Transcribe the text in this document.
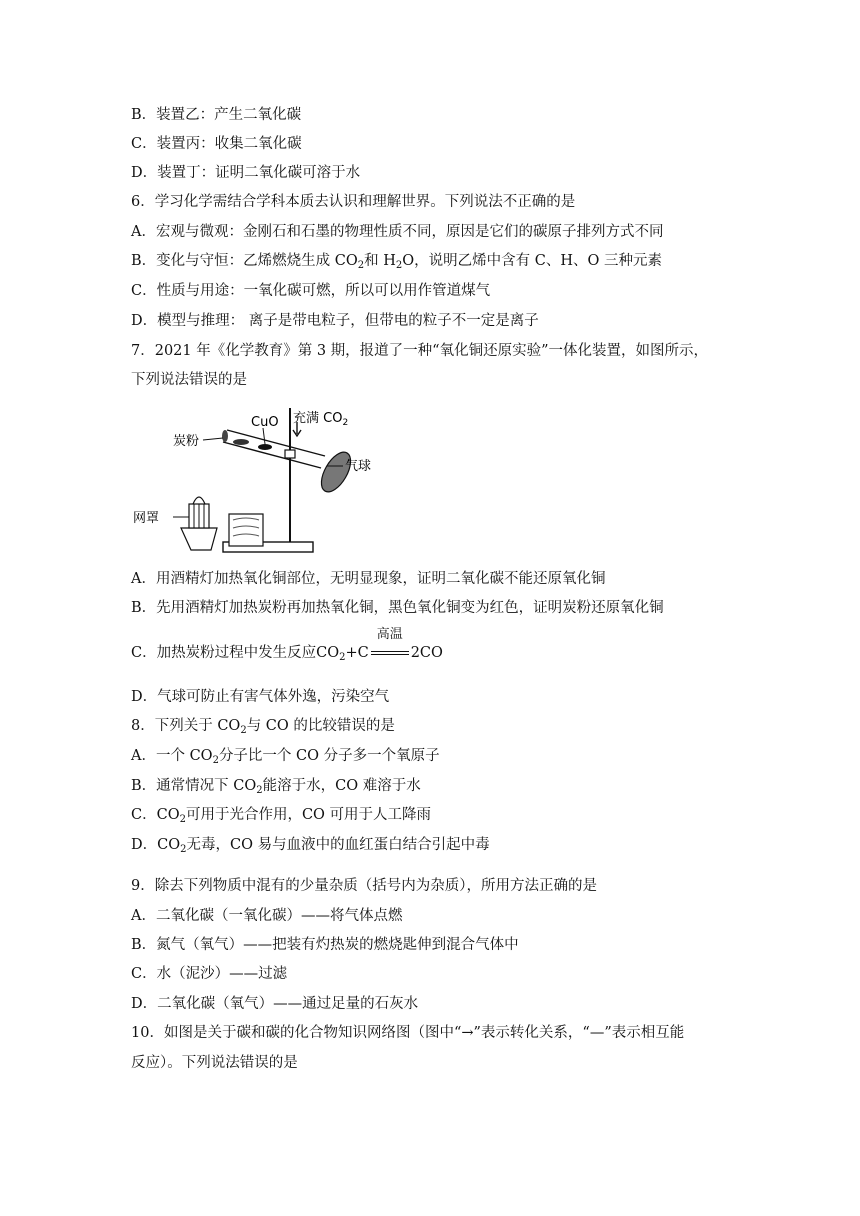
B．装置乙：产生二氧化碳
C．装置丙：收集二氧化碳
D．装置丁：证明二氧化碳可溶于水
6．学习化学需结合学科本质去认识和理解世界。下列说法不正确的是
A．宏观与微观：金刚石和石墨的物理性质不同，原因是它们的碳原子排列方式不同
B．变化与守恒：乙烯燃烧生成 $CO_2$和 $H_2O$，说明乙烯中含有 C、H、O 三种元素
C．性质与用途：一氧化碳可燃，所以可以用作管道煤气
D．模型与推理： 离子是带电粒子，但带电的粒子不一定是离子
7．2021 年《化学教育》第 3 期，报道了一种“氧化铜还原实验”一体化装置，如图所示，
下列说法错误的是
CuO 充满 $CO_2$
炭粉
气球
网罩
A．用酒精灯加热氧化铜部位，无明显现象，证明二氧化碳不能还原氧化铜
B．先用酒精灯加热炭粉再加热氧化铜，黑色氧化铜变为红色，证明炭粉还原氧化铜
C．加热炭粉过程中发生反应$CO_2+C$
高温
2CO
D．气球可防止有害气体外逸，污染空气
8．下列关于 $CO_2$与 CO 的比较错误的是
A．一个 $CO_2$分子比一个 CO 分子多一个氧原子
B．通常情况下 $CO_2$能溶于水，CO 难溶于水
C．$CO_2$可用于光合作用，CO 可用于人工降雨
D．$CO_2$无毒，CO 易与血液中的血红蛋白结合引起中毒
9．除去下列物质中混有的少量杂质（括号内为杂质），所用方法正确的是
A．二氧化碳（一氧化碳）——将气体点燃
B．氮气（氧气）——把装有灼热炭的燃烧匙伸到混合气体中
C．水（泥沙）——过滤
D．二氧化碳（氧气）——通过足量的石灰水
10．如图是关于碳和碳的化合物知识网络图（图中“→”表示转化关系，“—”表示相互能
反应）。下列说法错误的是
